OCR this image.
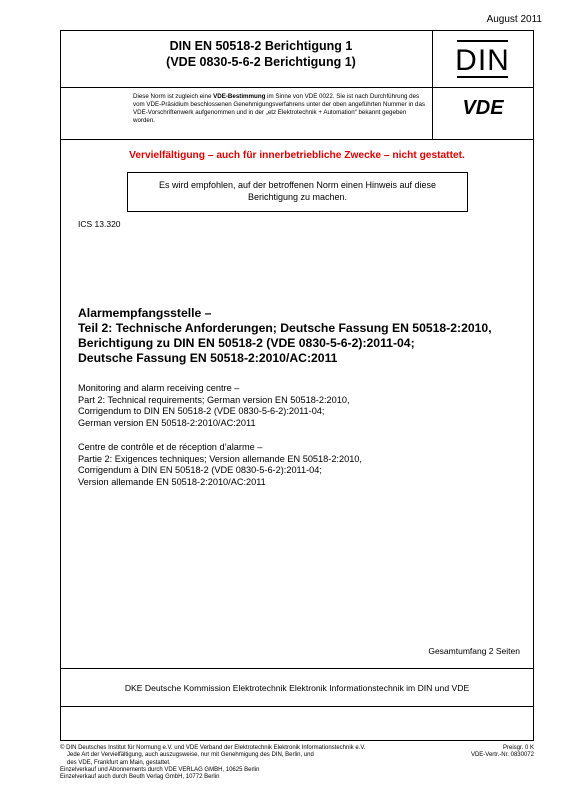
August 2011
DIN EN 50518-2 Berichtigung 1
(VDE 0830-5-6-2 Berichtigung 1)	DIN
Diese Norm ist zugleich eine VDE-Bestimmung im Sinne von VDE 0022. Sie ist nach Durchführung des vom VDE-Präsidium beschlossenen Genehmigungsverfahrens unter der oben angeführten Nummer in das VDE-Vorschriftenwerk aufgenommen und in der „etz Elektrotechnik + Automation“ bekannt gegeben worden.
VDE
Vervielfältigung – auch für innerbetriebliche Zwecke – nicht gestattet.
Es wird empfohlen, auf der betroffenen Norm einen Hinweis auf diese
Berichtigung zu machen.
ICS 13.320
Alarmempfangsstelle –
Teil 2: Technische Anforderungen; Deutsche Fassung EN 50518-2:2010,
Berichtigung zu DIN EN 50518-2 (VDE 0830-5-6-2):2011-04;
Deutsche Fassung EN 50518-2:2010/AC:2011
Monitoring and alarm receiving centre –
Part 2: Technical requirements; German version EN 50518-2:2010,
Corrigendum to DIN EN 50518-2 (VDE 0830-5-6-2):2011-04;
German version EN 50518-2:2010/AC:2011
Centre de contrôle et de réception d’alarme –
Partie 2: Exigences techniques; Version allemande EN 50518-2:2010,
Corrigendum à DIN EN 50518-2 (VDE 0830-5-6-2):2011-04;
Version allemande EN 50518-2:2010/AC:2011
Gesamtumfang 2 Seiten
DKE Deutsche Kommission Elektrotechnik Elektronik Informationstechnik im DIN und VDE
© DIN Deutsches Institut für Normung e.V. und VDE Verband der Elektrotechnik Elektronik Informationstechnik e.V.
Jede Art der Vervielfältigung, auch auszugsweise, nur mit Genehmigung des DIN, Berlin, und
des VDE, Frankfurt am Main, gestattet.
Einzelverkauf und Abonnements durch VDE VERLAG GMBH, 10625 Berlin
Einzelverkauf auch durch Beuth Verlag GmbH, 10772 Berlin
Preisgr. 0 K
VDE-Vertr.-Nr. 0830072
